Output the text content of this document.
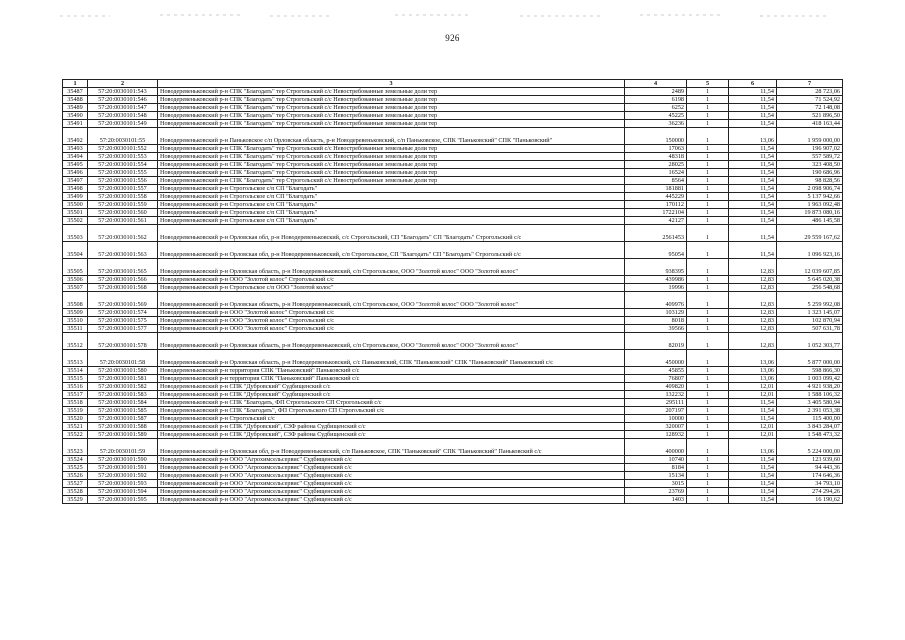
926
1	2	3	4	5	6	7
35487	57:20:0030101:543	Новодеревеньковский р-н СПК "Благодать" тер Строгольский с/с Невостребованные земельные доли тер	2489	1	11,54	28 723,06
35488	57:20:0030101:546	Новодеревеньковский р-н СПК "Благодать" тер Строгольский с/с Невостребованные земельные доли тер	6198	1	11,54	71 524,92
35489	57:20:0030101:547	Новодеревеньковский р-н СПК "Благодать" тер Строгольский с/с Невостребованные земельные доли тер	6252	1	11,54	72 148,08
35490	57:20:0030101:548	Новодеревеньковский р-н СПК "Благодать" тер Строгольский с/с Невостребованные земельные доли тер	45225	1	11,54	521 896,50
35491	57:20:0030101:549	Новодеревеньковский р-н СПК "Благодать" тер Строгольский с/с Невостребованные земельные доли тер	36236	1	11,54	418 163,44
35492	57:20:0030101:55	Новодеревеньковский р-н Паньковское с/п Орловская область, р-н Новодеревеньковский, с/п Паньковское, СПК "Паньковский" СПК "Паньковский"	150000	1	13,06	1 959 000,00
35493	57:20:0030101:552	Новодеревеньковский р-н СПК "Благодать" тер Строгольский с/с Невостребованные земельные доли тер	17063	1	11,54	196 907,02
35494	57:20:0030101:553	Новодеревеньковский р-н СПК "Благодать" тер Строгольский с/с Невостребованные земельные доли тер	48318	1	11,54	557 589,72
35495	57:20:0030101:554	Новодеревеньковский р-н СПК "Благодать" тер Строгольский с/с Невостребованные земельные доли тер	28025	1	11,54	323 408,50
35496	57:20:0030101:555	Новодеревеньковский р-н СПК "Благодать" тер Строгольский с/с Невостребованные земельные доли тер	16524	1	11,54	190 686,96
35497	57:20:0030101:556	Новодеревеньковский р-н СПК "Благодать" тер Строгольский с/с Невостребованные земельные доли тер	8564	1	11,54	98 828,56
35498	57:20:0030101:557	Новодеревеньковский р-н Строгольское с/п СП "Благодать"	181881	1	11,54	2 098 906,74
35499	57:20:0030101:558	Новодеревеньковский р-н Строгольское с/п СП "Благодать"	445229	1	11,54	5 137 942,66
35500	57:20:0030101:559	Новодеревеньковский р-н Строгольское с/п СП "Благодать"	170112	1	11,54	1 963 092,48
35501	57:20:0030101:560	Новодеревеньковский р-н Строгольское с/п СП "Благодать"	1722104	1	11,54	19 873 080,16
35502	57:20:0030101:561	Новодеревеньковский р-н Строгольское с/п СП "Благодать"	42127	1	11,54	486 145,58
35503	57:20:0030101:562	Новодеревеньковский р-н Орловская обл, р-н Новодеревеньковский, с/с Строгольский, СП "Благодать" СП "Благодать" Строгольский с/с	2561453	1	11,54	29 559 167,62
35504	57:20:0030101:563	Новодеревеньковский р-н Орловская обл, р-н Новодеревеньковский, с/п Строгольское, СП "Благодать" СП "Благодать" Строгольский с/с	95054	1	11,54	1 096 923,16
35505	57:20:0030101:565	Новодеревеньковский р-н Орловская область, р-н Новодеревеньковский, с/п Строгольское, ООО "Золотой колос" ООО "Золотой колос"	938395	1	12,83	12 039 607,85
35506	57:20:0030101:566	Новодеревеньковский р-н ООО "Золотой колос" Строгольский с/с	439986	1	12,83	5 645 020,38
35507	57:20:0030101:568	Новодеревеньковский р-н Строгольское с/п ООО "Золотой колос"	19996	1	12,83	256 548,68
35508	57:20:0030101:569	Новодеревеньковский р-н Орловская область, р-н Новодеревеньковский, с/п Строгольское, ООО "Золотой колос" ООО "Золотой колос"	409976	1	12,83	5 259 992,08
35509	57:20:0030101:574	Новодеревеньковский р-н ООО "Золотой колос" Строгольский с/с	103129	1	12,83	1 323 145,07
35510	57:20:0030101:575	Новодеревеньковский р-н ООО "Золотой колос" Строгольский с/с	8018	1	12,83	102 870,94
35511	57:20:0030101:577	Новодеревеньковский р-н ООО "Золотой колос" Строгольский с/с	39566	1	12,83	507 631,78
35512	57:20:0030101:578	Новодеревеньковский р-н Орловская область, р-н Новодеревеньковский, с/п Строгольское, ООО "Золотой колос" ООО "Золотой колос"	82019	1	12,83	1 052 303,77
35513	57:20:0030101:58	Новодеревеньковский р-н Орловская область, р-н Новодеревеньковский, с/с Паньковский, СПК "Паньковский" СПК "Паньковский" Паньковский с/с	450000	1	13,06	5 877 000,00
35514	57:20:0030101:580	Новодеревеньковский р-н территория СПК "Паньковский" Паньковский с/с	45855	1	13,06	598 866,30
35515	57:20:0030101:581	Новодеревеньковский р-н территория СПК "Паньковский" Паньковский с/с	76807	1	13,06	1 003 099,42
35516	57:20:0030101:582	Новодеревеньковский р-н СПК "Дубровский" Судбищенский с/с	409820	1	12,01	4 921 938,20
35517	57:20:0030101:583	Новодеревеньковский р-н СПК "Дубровский" Судбищенский с/с	132232	1	12,01	1 588 106,32
35518	57:20:0030101:584	Новодеревеньковский р-н СПК "Благодать, ФП Строгольского СП Строгольский с/с	295111	1	11,54	3 405 580,94
35519	57:20:0030101:585	Новодеревеньковский р-н СПК "Благодать", ФП Строгольского СП Строгольский с/с	207197	1	11,54	2 391 053,38
35520	57:20:0030101:587	Новодеревеньковский р-н Строгольский с/с	10000	1	11,54	115 400,00
35521	57:20:0030101:588	Новодеревеньковский р-н СПК "Дубровский", СЗФ района Судбищенский с/с	320007	1	12,01	3 843 284,07
35522	57:20:0030101:589	Новодеревеньковский р-н СПК "Дубровский", СЗФ района Судбищенский с/с	128932	1	12,01	1 548 473,32
35523	57:20:0030101:59	Новодеревеньковский р-н Орловская обл, р-н Новодеревеньковский, с/п Паньковское, СПК "Паньковский" СПК "Паньковский" Паньковский с/с	400000	1	13,06	5 224 000,00
35524	57:20:0030101:590	Новодеревеньковский р-н ООО "Агрохимсельсервис" Судбищенский с/с	10740	1	11,54	123 939,60
35525	57:20:0030101:591	Новодеревеньковский р-н ООО "Агрохимсельсервис" Судбищенский с/с	8184	1	11,54	94 443,36
35526	57:20:0030101:592	Новодеревеньковский р-н ООО "Агрохимсельсервис" Судбищенский с/с	15134	1	11,54	174 646,36
35527	57:20:0030101:593	Новодеревеньковский р-н ООО "Агрохимсельсервис" Судбищенский с/с	3015	1	11,54	34 793,10
35528	57:20:0030101:594	Новодеревеньковский р-н ООО "Агрохимсельсервис" Судбищенский с/с	23769	1	11,54	274 294,26
35529	57:20:0030101:595	Новодеревеньковский р-н ООО "Агрохимсельсервис" Судбищенский с/с	1403	1	11,54	16 190,62
